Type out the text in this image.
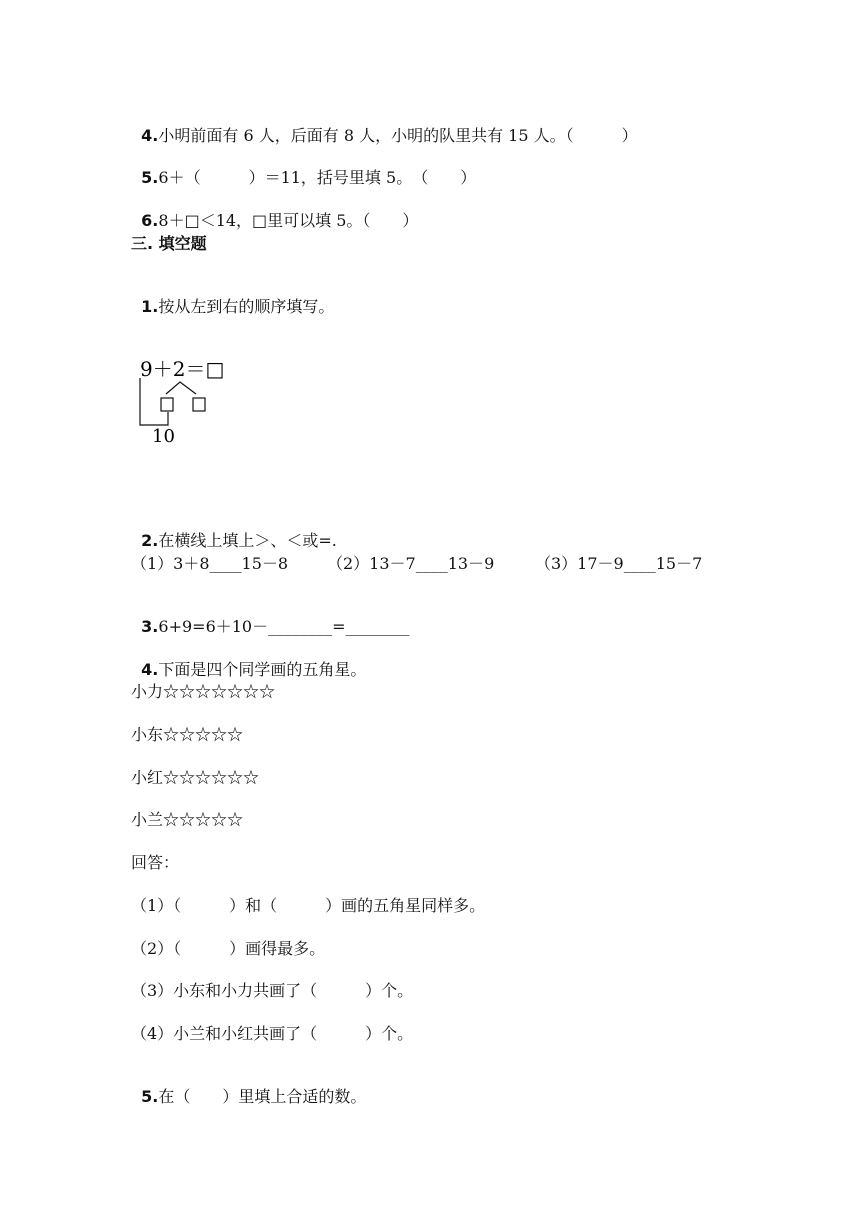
4.小明前面有 6 人，后面有 8 人，小明的队里共有 15 人。（　　　）

5.6＋（　　　）＝11，括号里填 5。　（　　）

6.8＋□＜14，□里可以填 5。（　　）

三. 填空题

1.按从左到右的顺序填写。

9＋2＝□
10

2.在横线上填上＞、＜或=.

（1）3＋8____15－8 （2）13－7____13－9	（3）17－9____15－7

3.6+9=6＋10－________=________

4.下面是四个同学画的五角星。

小力☆☆☆☆☆☆☆
小东☆☆☆☆☆
小红☆☆☆☆☆☆
小兰☆☆☆☆☆
回答：
（1）（　　　）和（　　　）画的五角星同样多。
（2）（　　　）画得最多。
（3）小东和小力共画了（　　　）个。
（4）小兰和小红共画了（　　　）个。

5.在（　　）里填上合适的数。
